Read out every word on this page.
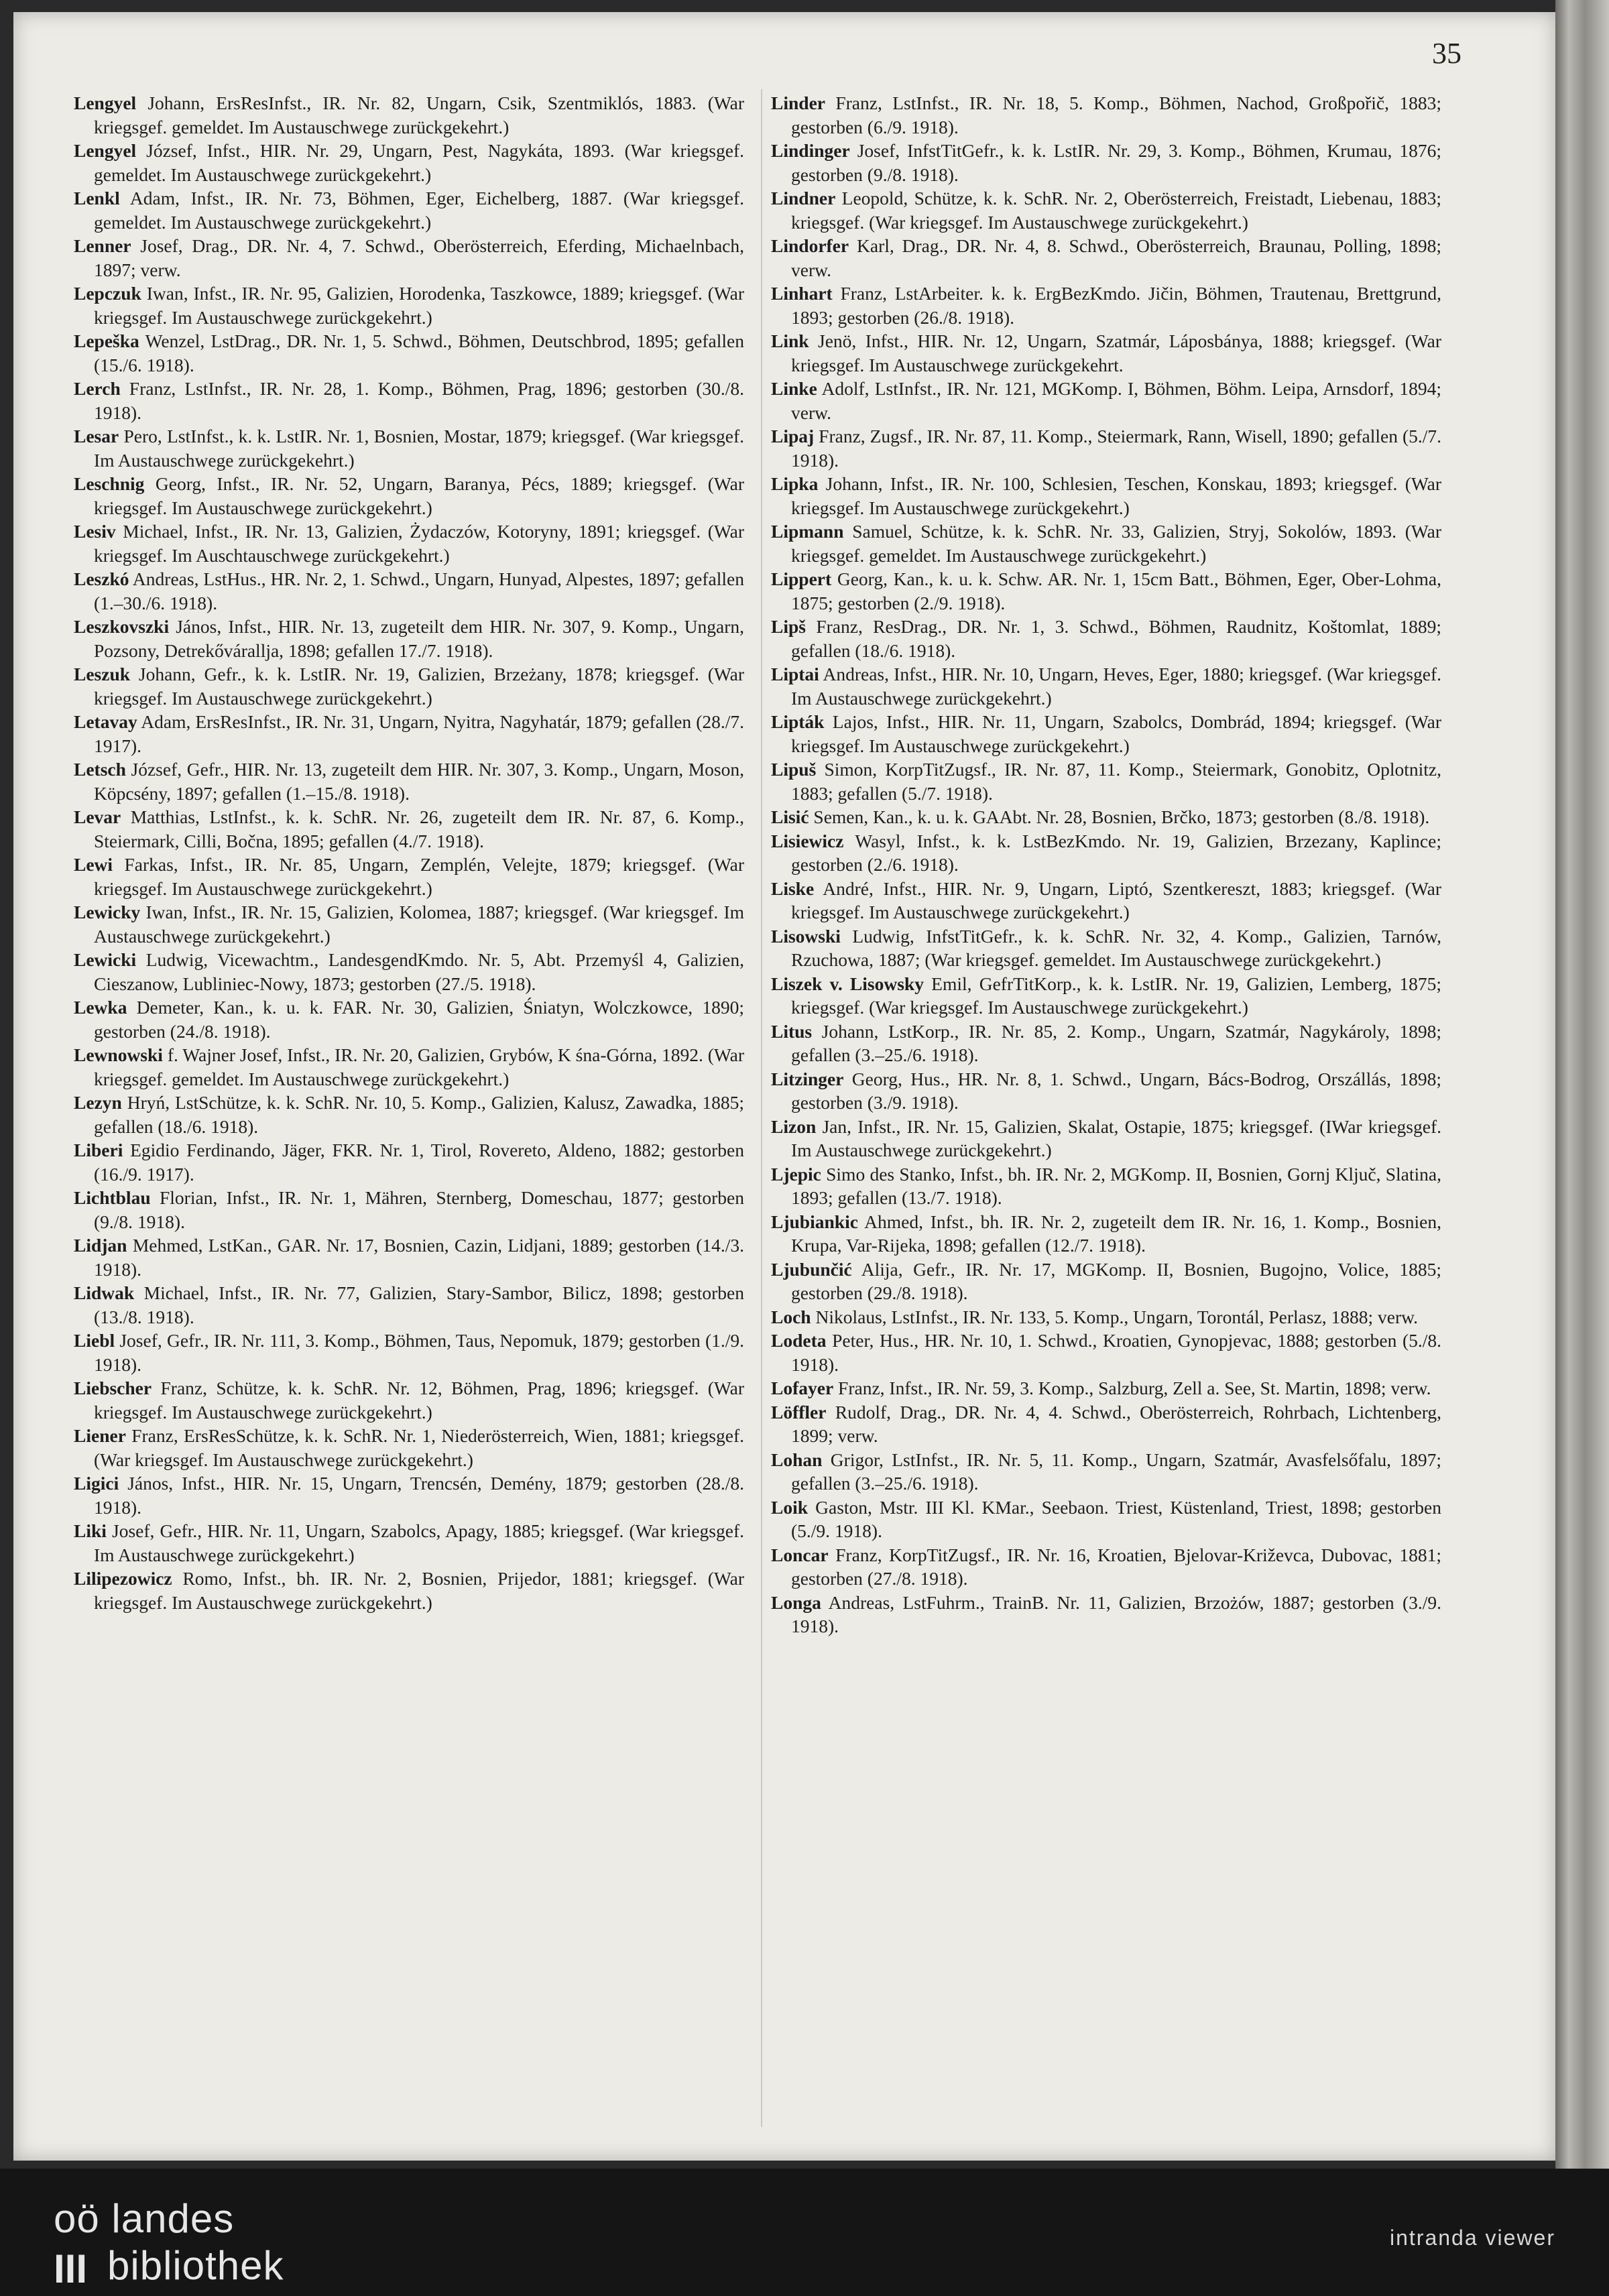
35

Lengyel Johann, ErsResInfst., IR. Nr. 82, Ungarn, Csik, Szentmiklós, 1883. (War kriegsgef. gemeldet. Im Austauschwege zurückgekehrt.)

Lengyel József, Infst., HIR. Nr. 29, Ungarn, Pest, Nagykáta, 1893. (War kriegsgef. gemeldet. Im Austauschwege zurückgekehrt.)

Lenkl Adam, Infst., IR. Nr. 73, Böhmen, Eger, Eichelberg, 1887. (War kriegsgef. gemeldet. Im Austauschwege zurückgekehrt.)

Lenner Josef, Drag., DR. Nr. 4, 7. Schwd., Oberösterreich, Eferding, Michaelnbach, 1897; verw.

Lepczuk Iwan, Infst., IR. Nr. 95, Galizien, Horodenka, Taszkowce, 1889; kriegsgef. (War kriegsgef. Im Austauschwege zurückgekehrt.)

Lepeška Wenzel, LstDrag., DR. Nr. 1, 5. Schwd., Böhmen, Deutschbrod, 1895; gefallen (15./6. 1918).

Lerch Franz, LstInfst., IR. Nr. 28, 1. Komp., Böhmen, Prag, 1896; gestorben (30./8. 1918).

Lesar Pero, LstInfst., k. k. LstIR. Nr. 1, Bosnien, Mostar, 1879; kriegsgef. (War kriegsgef. Im Austauschwege zurückgekehrt.)

Leschnig Georg, Infst., IR. Nr. 52, Ungarn, Baranya, Pécs, 1889; kriegsgef. (War kriegsgef. Im Austauschwege zurückgekehrt.)

Lesiv Michael, Infst., IR. Nr. 13, Galizien, Żydaczów, Kotoryny, 1891; kriegsgef. (War kriegsgef. Im Auschtauschwege zurückgekehrt.)

Leszkó Andreas, LstHus., HR. Nr. 2, 1. Schwd., Ungarn, Hunyad, Alpestes, 1897; gefallen (1.–30./6. 1918).

Leszkovszki János, Infst., HIR. Nr. 13, zugeteilt dem HIR. Nr. 307, 9. Komp., Ungarn, Pozsony, Detrekővárallja, 1898; gefallen 17./7. 1918).

Leszuk Johann, Gefr., k. k. LstIR. Nr. 19, Galizien, Brzeżany, 1878; kriegsgef. (War kriegsgef. Im Austauschwege zurückgekehrt.)

Letavay Adam, ErsResInfst., IR. Nr. 31, Ungarn, Nyitra, Nagyhatár, 1879; gefallen (28./7. 1917).

Letsch József, Gefr., HIR. Nr. 13, zugeteilt dem HIR. Nr. 307, 3. Komp., Ungarn, Moson, Köpcsény, 1897; gefallen (1.–15./8. 1918).

Levar Matthias, LstInfst., k. k. SchR. Nr. 26, zugeteilt dem IR. Nr. 87, 6. Komp., Steiermark, Cilli, Bočna, 1895; gefallen (4./7. 1918).

Lewi Farkas, Infst., IR. Nr. 85, Ungarn, Zemplén, Velejte, 1879; kriegsgef. (War kriegsgef. Im Austauschwege zurückgekehrt.)

Lewicky Iwan, Infst., IR. Nr. 15, Galizien, Kolomea, 1887; kriegsgef. (War kriegsgef. Im Austauschwege zurückgekehrt.)

Lewicki Ludwig, Vicewachtm., LandesgendKmdo. Nr. 5, Abt. Przemyśl 4, Galizien, Cieszanow, Lubliniec-Nowy, 1873; gestorben (27./5. 1918).

Lewka Demeter, Kan., k. u. k. FAR. Nr. 30, Galizien, Śniatyn, Wolczkowce, 1890; gestorben (24./8. 1918).

Lewnowski f. Wajner Josef, Infst., IR. Nr. 20, Galizien, Grybów, K śna-Górna, 1892. (War kriegsgef. gemeldet. Im Austauschwege zurückgekehrt.)

Lezyn Hryń, LstSchütze, k. k. SchR. Nr. 10, 5. Komp., Galizien, Kalusz, Zawadka, 1885; gefallen (18./6. 1918).

Liberi Egidio Ferdinando, Jäger, FKR. Nr. 1, Tirol, Rovereto, Aldeno, 1882; gestorben (16./9. 1917).

Lichtblau Florian, Infst., IR. Nr. 1, Mähren, Sternberg, Domeschau, 1877; gestorben (9./8. 1918).

Lidjan Mehmed, LstKan., GAR. Nr. 17, Bosnien, Cazin, Lidjani, 1889; gestorben (14./3. 1918).

Lidwak Michael, Infst., IR. Nr. 77, Galizien, Stary-Sambor, Bilicz, 1898; gestorben (13./8. 1918).

Liebl Josef, Gefr., IR. Nr. 111, 3. Komp., Böhmen, Taus, Nepomuk, 1879; gestorben (1./9. 1918).

Liebscher Franz, Schütze, k. k. SchR. Nr. 12, Böhmen, Prag, 1896; kriegsgef. (War kriegsgef. Im Austauschwege zurückgekehrt.)

Liener Franz, ErsResSchütze, k. k. SchR. Nr. 1, Niederösterreich, Wien, 1881; kriegsgef. (War kriegsgef. Im Austauschwege zurückgekehrt.)

Ligici János, Infst., HIR. Nr. 15, Ungarn, Trencsén, Demény, 1879; gestorben (28./8. 1918).

Liki Josef, Gefr., HIR. Nr. 11, Ungarn, Szabolcs, Apagy, 1885; kriegsgef. (War kriegsgef. Im Austauschwege zurückgekehrt.)

Lilipezowicz Romo, Infst., bh. IR. Nr. 2, Bosnien, Prijedor, 1881; kriegsgef. (War kriegsgef. Im Austauschwege zurückgekehrt.)

Linder Franz, LstInfst., IR. Nr. 18, 5. Komp., Böhmen, Nachod, Großpořič, 1883; gestorben (6./9. 1918).

Lindinger Josef, InfstTitGefr., k. k. LstIR. Nr. 29, 3. Komp., Böhmen, Krumau, 1876; gestorben (9./8. 1918).

Lindner Leopold, Schütze, k. k. SchR. Nr. 2, Oberösterreich, Freistadt, Liebenau, 1883; kriegsgef. (War kriegsgef. Im Austauschwege zurückgekehrt.)

Lindorfer Karl, Drag., DR. Nr. 4, 8. Schwd., Oberösterreich, Braunau, Polling, 1898; verw.

Linhart Franz, LstArbeiter. k. k. ErgBezKmdo. Jičin, Böhmen, Trautenau, Brettgrund, 1893; gestorben (26./8. 1918).

Link Jenö, Infst., HIR. Nr. 12, Ungarn, Szatmár, Láposbánya, 1888; kriegsgef. (War kriegsgef. Im Austauschwege zurückgekehrt.

Linke Adolf, LstInfst., IR. Nr. 121, MGKomp. I, Böhmen, Böhm. Leipa, Arnsdorf, 1894; verw.

Lipaj Franz, Zugsf., IR. Nr. 87, 11. Komp., Steiermark, Rann, Wisell, 1890; gefallen (5./7. 1918).

Lipka Johann, Infst., IR. Nr. 100, Schlesien, Teschen, Konskau, 1893; kriegsgef. (War kriegsgef. Im Austauschwege zurückgekehrt.)

Lipmann Samuel, Schütze, k. k. SchR. Nr. 33, Galizien, Stryj, Sokolów, 1893. (War kriegsgef. gemeldet. Im Austauschwege zurückgekehrt.)

Lippert Georg, Kan., k. u. k. Schw. AR. Nr. 1, 15cm Batt., Böhmen, Eger, Ober-Lohma, 1875; gestorben (2./9. 1918).

Lipš Franz, ResDrag., DR. Nr. 1, 3. Schwd., Böhmen, Raudnitz, Koštomlat, 1889; gefallen (18./6. 1918).

Liptai Andreas, Infst., HIR. Nr. 10, Ungarn, Heves, Eger, 1880; kriegsgef. (War kriegsgef. Im Austauschwege zurückgekehrt.)

Lipták Lajos, Infst., HIR. Nr. 11, Ungarn, Szabolcs, Dombrád, 1894; kriegsgef. (War kriegsgef. Im Austauschwege zurückgekehrt.)

Lipuš Simon, KorpTitZugsf., IR. Nr. 87, 11. Komp., Steiermark, Gonobitz, Oplotnitz, 1883; gefallen (5./7. 1918).

Lisić Semen, Kan., k. u. k. GAAbt. Nr. 28, Bosnien, Brčko, 1873; gestorben (8./8. 1918).

Lisiewicz Wasyl, Infst., k. k. LstBezKmdo. Nr. 19, Galizien, Brzezany, Kaplince; gestorben (2./6. 1918).

Liske André, Infst., HIR. Nr. 9, Ungarn, Liptó, Szentkereszt, 1883; kriegsgef. (War kriegsgef. Im Austauschwege zurückgekehrt.)

Lisowski Ludwig, InfstTitGefr., k. k. SchR. Nr. 32, 4. Komp., Galizien, Tarnów, Rzuchowa, 1887; (War kriegsgef. gemeldet. Im Austauschwege zurückgekehrt.)

Liszek v. Lisowsky Emil, GefrTitKorp., k. k. LstIR. Nr. 19, Galizien, Lemberg, 1875; kriegsgef. (War kriegsgef. Im Austauschwege zurückgekehrt.)

Litus Johann, LstKorp., IR. Nr. 85, 2. Komp., Ungarn, Szatmár, Nagykároly, 1898; gefallen (3.–25./6. 1918).

Litzinger Georg, Hus., HR. Nr. 8, 1. Schwd., Ungarn, Bács-Bodrog, Orszállás, 1898; gestorben (3./9. 1918).

Lizon Jan, Infst., IR. Nr. 15, Galizien, Skalat, Ostapie, 1875; kriegsgef. (IWar kriegsgef. Im Austauschwege zurückgekehrt.)

Ljepic Simo des Stanko, Infst., bh. IR. Nr. 2, MGKomp. II, Bosnien, Gornj Ključ, Slatina, 1893; gefallen (13./7. 1918).

Ljubiankic Ahmed, Infst., bh. IR. Nr. 2, zugeteilt dem IR. Nr. 16, 1. Komp., Bosnien, Krupa, Var-Rijeka, 1898; gefallen (12./7. 1918).

Ljubunčić Alija, Gefr., IR. Nr. 17, MGKomp. II, Bosnien, Bugojno, Volice, 1885; gestorben (29./8. 1918).

Loch Nikolaus, LstInfst., IR. Nr. 133, 5. Komp., Ungarn, Torontál, Perlasz, 1888; verw.

Lodeta Peter, Hus., HR. Nr. 10, 1. Schwd., Kroatien, Gynopjevac, 1888; gestorben (5./8. 1918).

Lofayer Franz, Infst., IR. Nr. 59, 3. Komp., Salzburg, Zell a. See, St. Martin, 1898; verw.

Löffler Rudolf, Drag., DR. Nr. 4, 4. Schwd., Oberösterreich, Rohrbach, Lichtenberg, 1899; verw.

Lohan Grigor, LstInfst., IR. Nr. 5, 11. Komp., Ungarn, Szatmár, Avasfelsőfalu, 1897; gefallen (3.–25./6. 1918).

Loik Gaston, Mstr. III Kl. KMar., Seebaon. Triest, Küstenland, Triest, 1898; gestorben (5./9. 1918).

Loncar Franz, KorpTitZugsf., IR. Nr. 16, Kroatien, Bjelovar-Križevca, Dubovac, 1881; gestorben (27./8. 1918).

Longa Andreas, LstFuhrm., TrainB. Nr. 11, Galizien, Brzożów, 1887; gestorben (3./9. 1918).

oö landes
III bibliothek
intranda viewer
